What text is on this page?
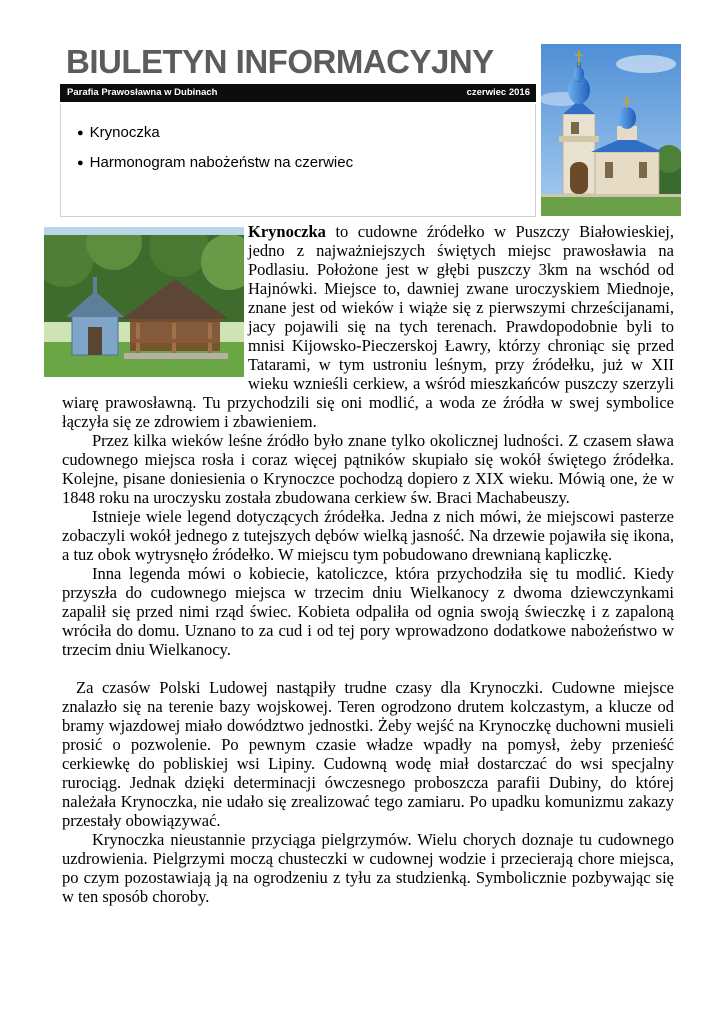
BIULETYN INFORMACYJNY
Parafia Prawosławna w Dubinach	czerwiec 2016
● Krynoczka
● Harmonogram nabożeństw na czerwiec

Krynoczka to cudowne źródełko w Puszczy Białowieskiej, jedno z najważniejszych świętych miejsc prawosławia na Podlasiu. Położone jest w głębi puszczy 3km na wschód od Hajnówki. Miejsce to, dawniej zwane uroczyskiem Miednoje, znane jest od wieków i wiąże się z pierwszymi chrześcijanami, jacy pojawili się na tych terenach. Prawdopodobnie byli to mnisi Kijowsko-Pieczerskoj Ławry, którzy chroniąc się przed Tatarami, w tym ustroniu leśnym, przy źródełku, już w XII wieku wznieśli cerkiew, a wśród mieszkańców puszczy szerzyli wiarę prawosławną. Tu przychodzili się oni modlić, a woda ze źródła w swej symbolice łączyła się ze zdrowiem i zbawieniem.

Przez kilka wieków leśne źródło było znane tylko okolicznej ludności. Z czasem sława cudownego miejsca rosła i coraz więcej pątników skupiało się wokół świętego źródełka. Kolejne, pisane doniesienia o Krynoczce pochodzą dopiero z XIX wieku. Mówią one, że w 1848 roku na uroczysku została zbudowana cerkiew św. Braci Machabeuszy.

Istnieje wiele legend dotyczących źródełka. Jedna z nich mówi, że miejscowi pasterze zobaczyli wokół jednego z tutejszych dębów wielką jasność. Na drzewie pojawiła się ikona, a tuz obok wytrysnęło źródełko. W miejscu tym pobudowano drewnianą kapliczkę.

Inna legenda mówi o kobiecie, katoliczce, która przychodziła się tu modlić. Kiedy przyszła do cudownego miejsca w trzecim dniu Wielkanocy z dwoma dziewczynkami zapalił się przed nimi rząd świec. Kobieta odpaliła od ognia swoją świeczkę i z zapaloną wróciła do domu. Uznano to za cud i od tej pory wprowadzono dodatkowe nabożeństwo w trzecim dniu Wielkanocy.

Za czasów Polski Ludowej nastąpiły trudne czasy dla Krynoczki. Cudowne miejsce znalazło się na terenie bazy wojskowej. Teren ogrodzono drutem kolczastym, a klucze od bramy wjazdowej miało dowództwo jednostki. Żeby wejść na Krynoczkę duchowni musieli prosić o pozwolenie. Po pewnym czasie władze wpadły na pomysł, żeby przenieść cerkiewkę do pobliskiej wsi Lipiny. Cudowną wodę miał dostarczać do wsi specjalny rurociąg. Jednak dzięki determinacji ówczesnego proboszcza parafii Dubiny, do której należała Krynoczka, nie udało się zrealizować tego zamiaru. Po upadku komunizmu zakazy przestały obowiązywać.

Krynoczka nieustannie przyciąga pielgrzymów. Wielu chorych doznaje tu cudownego uzdrowienia. Pielgrzymi moczą chusteczki w cudownej wodzie i przecierają chore miejsca, po czym pozostawiają ją na ogrodzeniu z tyłu za studzienką. Symbolicznie pozbywając się w ten sposób choroby.
